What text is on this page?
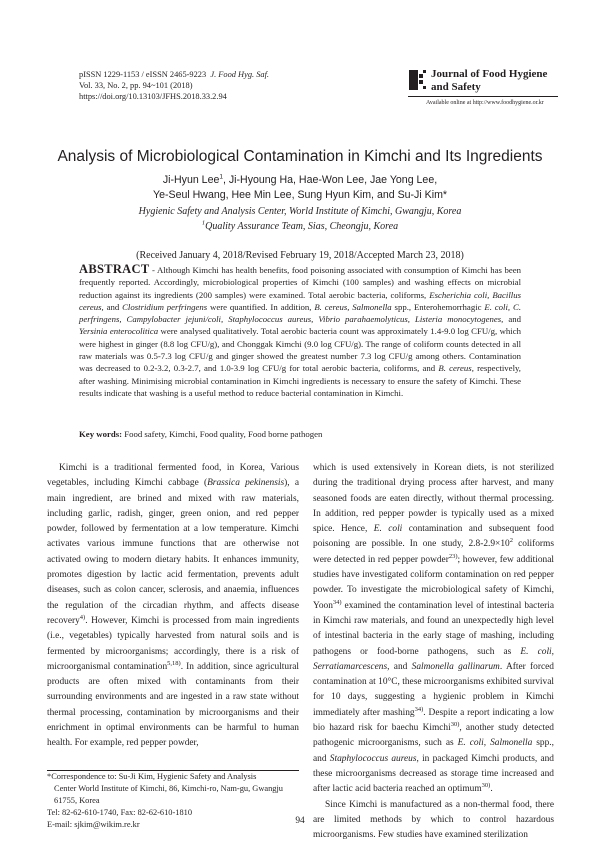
pISSN 1229-1153 / eISSN 2465-9223 J. Food Hyg. Saf.
Vol. 33, No. 2, pp. 94~101 (2018)
https://doi.org/10.13103/JFHS.2018.33.2.94
Journal of Food Hygiene
and Safety
Available online at http://www.foodhygiene.or.kr
Analysis of Microbiological Contamination in Kimchi and Its Ingredients
Ji-Hyun Lee$^1$, Ji-Hyoung Ha, Hae-Won Lee, Jae Yong Lee,
Ye-Seul Hwang, Hee Min Lee, Sung Hyun Kim, and Su-Ji Kim*
Hygienic Safety and Analysis Center, World Institute of Kimchi, Gwangju, Korea
$^1$Quality Assurance Team, Sias, Cheongju, Korea
(Received January 4, 2018/Revised February 19, 2018/Accepted March 23, 2018)
ABSTRACT - Although Kimchi has health benefits, food poisoning associated with consumption of Kimchi has been frequently reported. Accordingly, microbiological properties of Kimchi (100 samples) and washing effects on microbial reduction against its ingredients (200 samples) were examined. Total aerobic bacteria, coliforms, Escherichia coli, Bacillus cereus, and Clostridium perfringens were quantified. In addition, B. cereus, Salmonella spp., Enterohemorrhagic E. coli, C. perfringens, Campylobacter jejuni/coli, Staphylococcus aureus, Vibrio parahaemolyticus, Listeria monocytogenes, and Yersinia enterocolitica were analysed qualitatively. Total aerobic bacteria count was approximately 1.4-9.0 log CFU/g, which were highest in ginger (8.8 log CFU/g), and Chonggak Kimchi (9.0 log CFU/g). The range of coliform counts detected in all raw materials was 0.5-7.3 log CFU/g and ginger showed the greatest number 7.3 log CFU/g among others. Contamination was decreased to 0.2-3.2, 0.3-2.7, and 1.0-3.9 log CFU/g for total aerobic bacteria, coliforms, and B. cereus, respectively, after washing. Minimising microbial contamination in Kimchi ingredients is necessary to ensure the safety of Kimchi. These results indicate that washing is a useful method to reduce bacterial contamination in Kimchi.
Key words: Food safety, Kimchi, Food quality, Food borne pathogen

Kimchi is a traditional fermented food, in Korea, Various vegetables, including Kimchi cabbage (Brassica pekinensis), a main ingredient, are brined and mixed with raw materials, including garlic, radish, ginger, green onion, and red pepper powder, followed by fermentation at a low temperature. Kimchi activates various immune functions that are otherwise not activated owing to modern dietary habits. It enhances immunity, promotes digestion by lactic acid fermentation, prevents adult diseases, such as colon cancer, sclerosis, and anaemia, influences the regulation of the circadian rhythm, and affects disease recovery$^{4)}$. However, Kimchi is processed from main ingredients (i.e., vegetables) typically harvested from natural soils and is fermented by microorganisms; accordingly, there is a risk of microorganismal contamination$^{5,18)}$. In addition, since agricultural products are often mixed with contaminants from their surrounding environments and are ingested in a raw state without thermal processing, contamination by microorganisms and their enrichment in optimal environments can be harmful to human health. For example, red pepper powder,

which is used extensively in Korean diets, is not sterilized during the traditional drying process after harvest, and many seasoned foods are eaten directly, without thermal processing. In addition, red pepper powder is typically used as a mixed spice. Hence, E. coli contamination and subsequent food poisoning are possible. In one study, $2.8-2.9\times 10^2$ coliforms were detected in red pepper powder$^{23)}$; however, few additional studies have investigated coliform contamination on red pepper powder. To investigate the microbiological safety of Kimchi, Yoon$^{34)}$ examined the contamination level of intestinal bacteria in Kimchi raw materials, and found an unexpectedly high level of intestinal bacteria in the early stage of mashing, including pathogens or food-borne pathogens, such as E. coli, Serratiamarcescens, and Salmonella gallinarum. After forced contamination at 10°C, these microorganisms exhibited survival for 10 days, suggesting a hygienic problem in Kimchi immediately after mashing$^{34)}$. Despite a report indicating a low bio hazard risk for baechu Kimchi$^{30)}$, another study detected pathogenic microorganisms, such as E. coli, Salmonella spp., and Staphylococcus aureus, in packaged Kimchi products, and these microorganisms decreased as storage time increased and after lactic acid bacteria reached an optimum$^{30)}$.

Since Kimchi is manufactured as a non-thermal food, there are limited methods by which to control hazardous microorganisms. Few studies have examined sterilization

*Correspondence to: Su-Ji Kim, Hygienic Safety and Analysis
Center World Institute of Kimchi, 86, Kimchi-ro, Nam-gu, Gwangju
61755, Korea
Tel: 82-62-610-1740, Fax: 82-62-610-1810
E-mail: sjkim@wikim.re.kr	94
